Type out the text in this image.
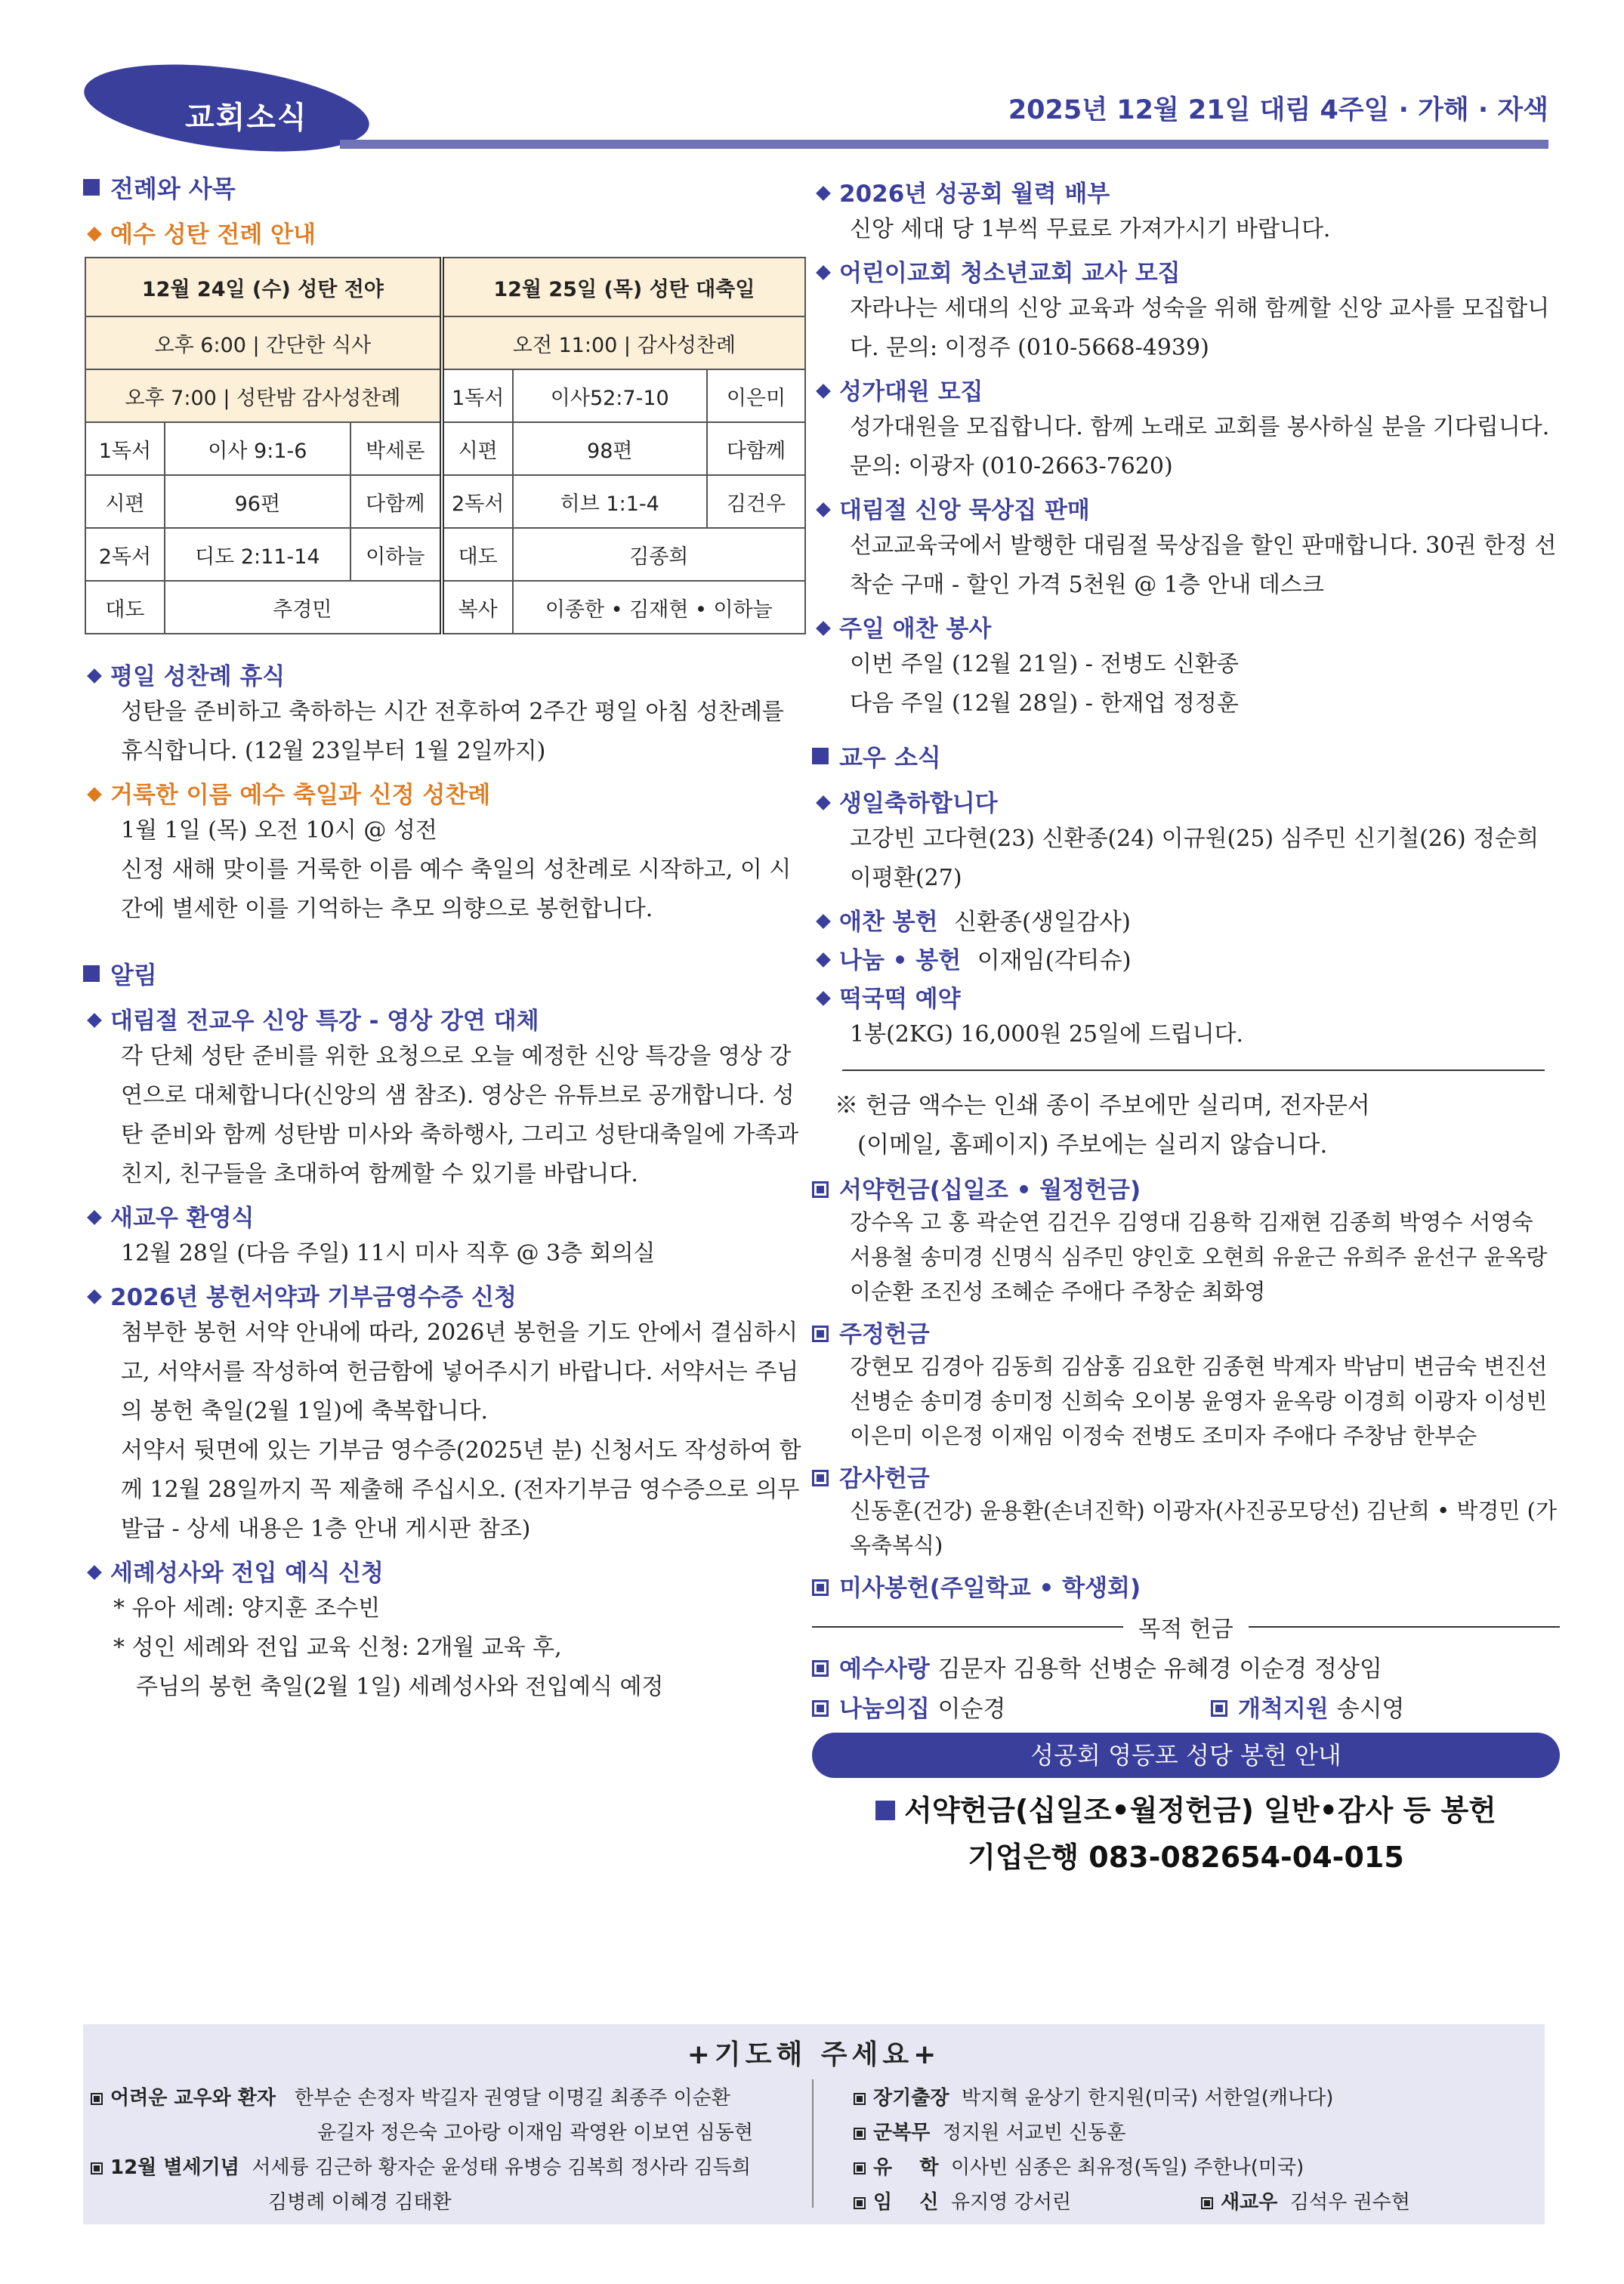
교회소식	2025년 12월 21일 대림 4주일 · 가해 · 자색
전례와 사목
예수 성탄 전례 안내
12월 24일 (수) 성탄 전야			12월 25일 (목) 성탄 대축일		
오후 6:00 | 간단한 식사			오전 11:00 | 감사성찬례		
오후 7:00 | 성탄밤 감사성찬례			1독서	이사52:7-10	이은미
1독서	이사 9:1-6	박세론	시편	98편	다함께
시편	96편	다함께	2독서	히브 1:1-4	김건우
2독서	디도 2:11-14	이하늘	대도	김종희	
대도	추경민		복사	이종한 • 김재현 • 이하늘	
평일 성찬례 휴식
성탄을 준비하고 축하하는 시간 전후하여 2주간 평일 아침 성찬례를 휴식합니다. (12월 23일부터 1월 2일까지)
거룩한 이름 예수 축일과 신정 성찬례
1월 1일 (목) 오전 10시 @ 성전
신정 새해 맞이를 거룩한 이름 예수 축일의 성찬례로 시작하고, 이 시간에 별세한 이를 기억하는 추모 의향으로 봉헌합니다.
알림
대림절 전교우 신앙 특강 - 영상 강연 대체
각 단체 성탄 준비를 위한 요청으로 오늘 예정한 신앙 특강을 영상 강연으로 대체합니다(신앙의 샘 참조). 영상은 유튜브로 공개합니다. 성탄 준비와 함께 성탄밤 미사와 축하행사, 그리고 성탄대축일에 가족과 친지, 친구들을 초대하여 함께할 수 있기를 바랍니다.
새교우 환영식
12월 28일 (다음 주일) 11시 미사 직후 @ 3층 회의실
2026년 봉헌서약과 기부금영수증 신청
첨부한 봉헌 서약 안내에 따라, 2026년 봉헌을 기도 안에서 결심하시고, 서약서를 작성하여 헌금함에 넣어주시기 바랍니다. 서약서는 주님의 봉헌 축일(2월 1일)에 축복합니다.
서약서 뒷면에 있는 기부금 영수증(2025년 분) 신청서도 작성하여 함께 12월 28일까지 꼭 제출해 주십시오. (전자기부금 영수증으로 의무 발급 - 상세 내용은 1층 안내 게시판 참조)
세례성사와 전입 예식 신청
* 유아 세례: 양지훈 조수빈
* 성인 세례와 전입 교육 신청: 2개월 교육 후,
주님의 봉헌 축일(2월 1일) 세례성사와 전입예식 예정
2026년 성공회 월력 배부
신앙 세대 당 1부씩 무료로 가져가시기 바랍니다.
어린이교회 청소년교회 교사 모집
자라나는 세대의 신앙 교육과 성숙을 위해 함께할 신앙 교사를 모집합니다. 문의: 이정주 (010-5668-4939)
성가대원 모집
성가대원을 모집합니다. 함께 노래로 교회를 봉사하실 분을 기다립니다. 문의: 이광자 (010-2663-7620)
대림절 신앙 묵상집 판매
선교교육국에서 발행한 대림절 묵상집을 할인 판매합니다. 30권 한정 선착순 구매 - 할인 가격 5천원 @ 1층 안내 데스크
주일 애찬 봉사
이번 주일 (12월 21일) - 전병도 신환종
다음 주일 (12월 28일) - 한재업 정정훈
교우 소식
생일축하합니다
고강빈 고다현(23) 신환종(24) 이규원(25) 심주민 신기철(26) 정순희 이평환(27)
애찬 봉헌 신환종(생일감사)
나눔 • 봉헌 이재임(각티슈)
떡국떡 예약
1봉(2KG) 16,000원 25일에 드립니다.
※ 헌금 액수는 인쇄 종이 주보에만 실리며, 전자문서
(이메일, 홈페이지) 주보에는 실리지 않습니다.
서약헌금(십일조 • 월정헌금)
강수옥 고 홍 곽순연 김건우 김영대 김용학 김재현 김종희 박영수 서영숙 서용철 송미경 신명식 심주민 양인호 오현희 유윤근 유희주 윤선구 윤옥랑 이순환 조진성 조혜순 주애다 주창순 최화영
주정헌금
강현모 김경아 김동희 김삼홍 김요한 김종현 박계자 박남미 변금숙 변진선 선병순 송미경 송미정 신희숙 오이봉 윤영자 윤옥랑 이경희 이광자 이성빈 이은미 이은정 이재임 이정숙 전병도 조미자 주애다 주창남 한부순
감사헌금
신동훈(건강) 윤용환(손녀진학) 이광자(사진공모당선) 김난희 • 박경민 (가옥축복식)
미사봉헌(주일학교 • 학생회)
목적 헌금
예수사랑 김문자 김용학 선병순 유혜경 이순경 정상임
나눔의집 이순경	개척지원 송시영
성공회 영등포 성당 봉헌 안내
서약헌금(십일조•월정헌금) 일반•감사 등 봉헌
기업은행 083-082654-04-015
+기도해 주세요+
어려운 교우와 환자 한부순 손정자 박길자 권영달 이명길 최종주 이순환
윤길자 정은숙 고아랑 이재임 곽영완 이보연 심동현
12월 별세기념 서세륭 김근하 황자순 윤성태 유병승 김복희 정사라 김득희
김병례 이혜경 김태환
장기출장 박지혁 윤상기 한지원(미국) 서한얼(캐나다)
군복무 정지원 서교빈 신동훈
유    학 이사빈 심종은 최유정(독일) 주한나(미국)
임    신 유지영 강서린	새교우 김석우 권수현
